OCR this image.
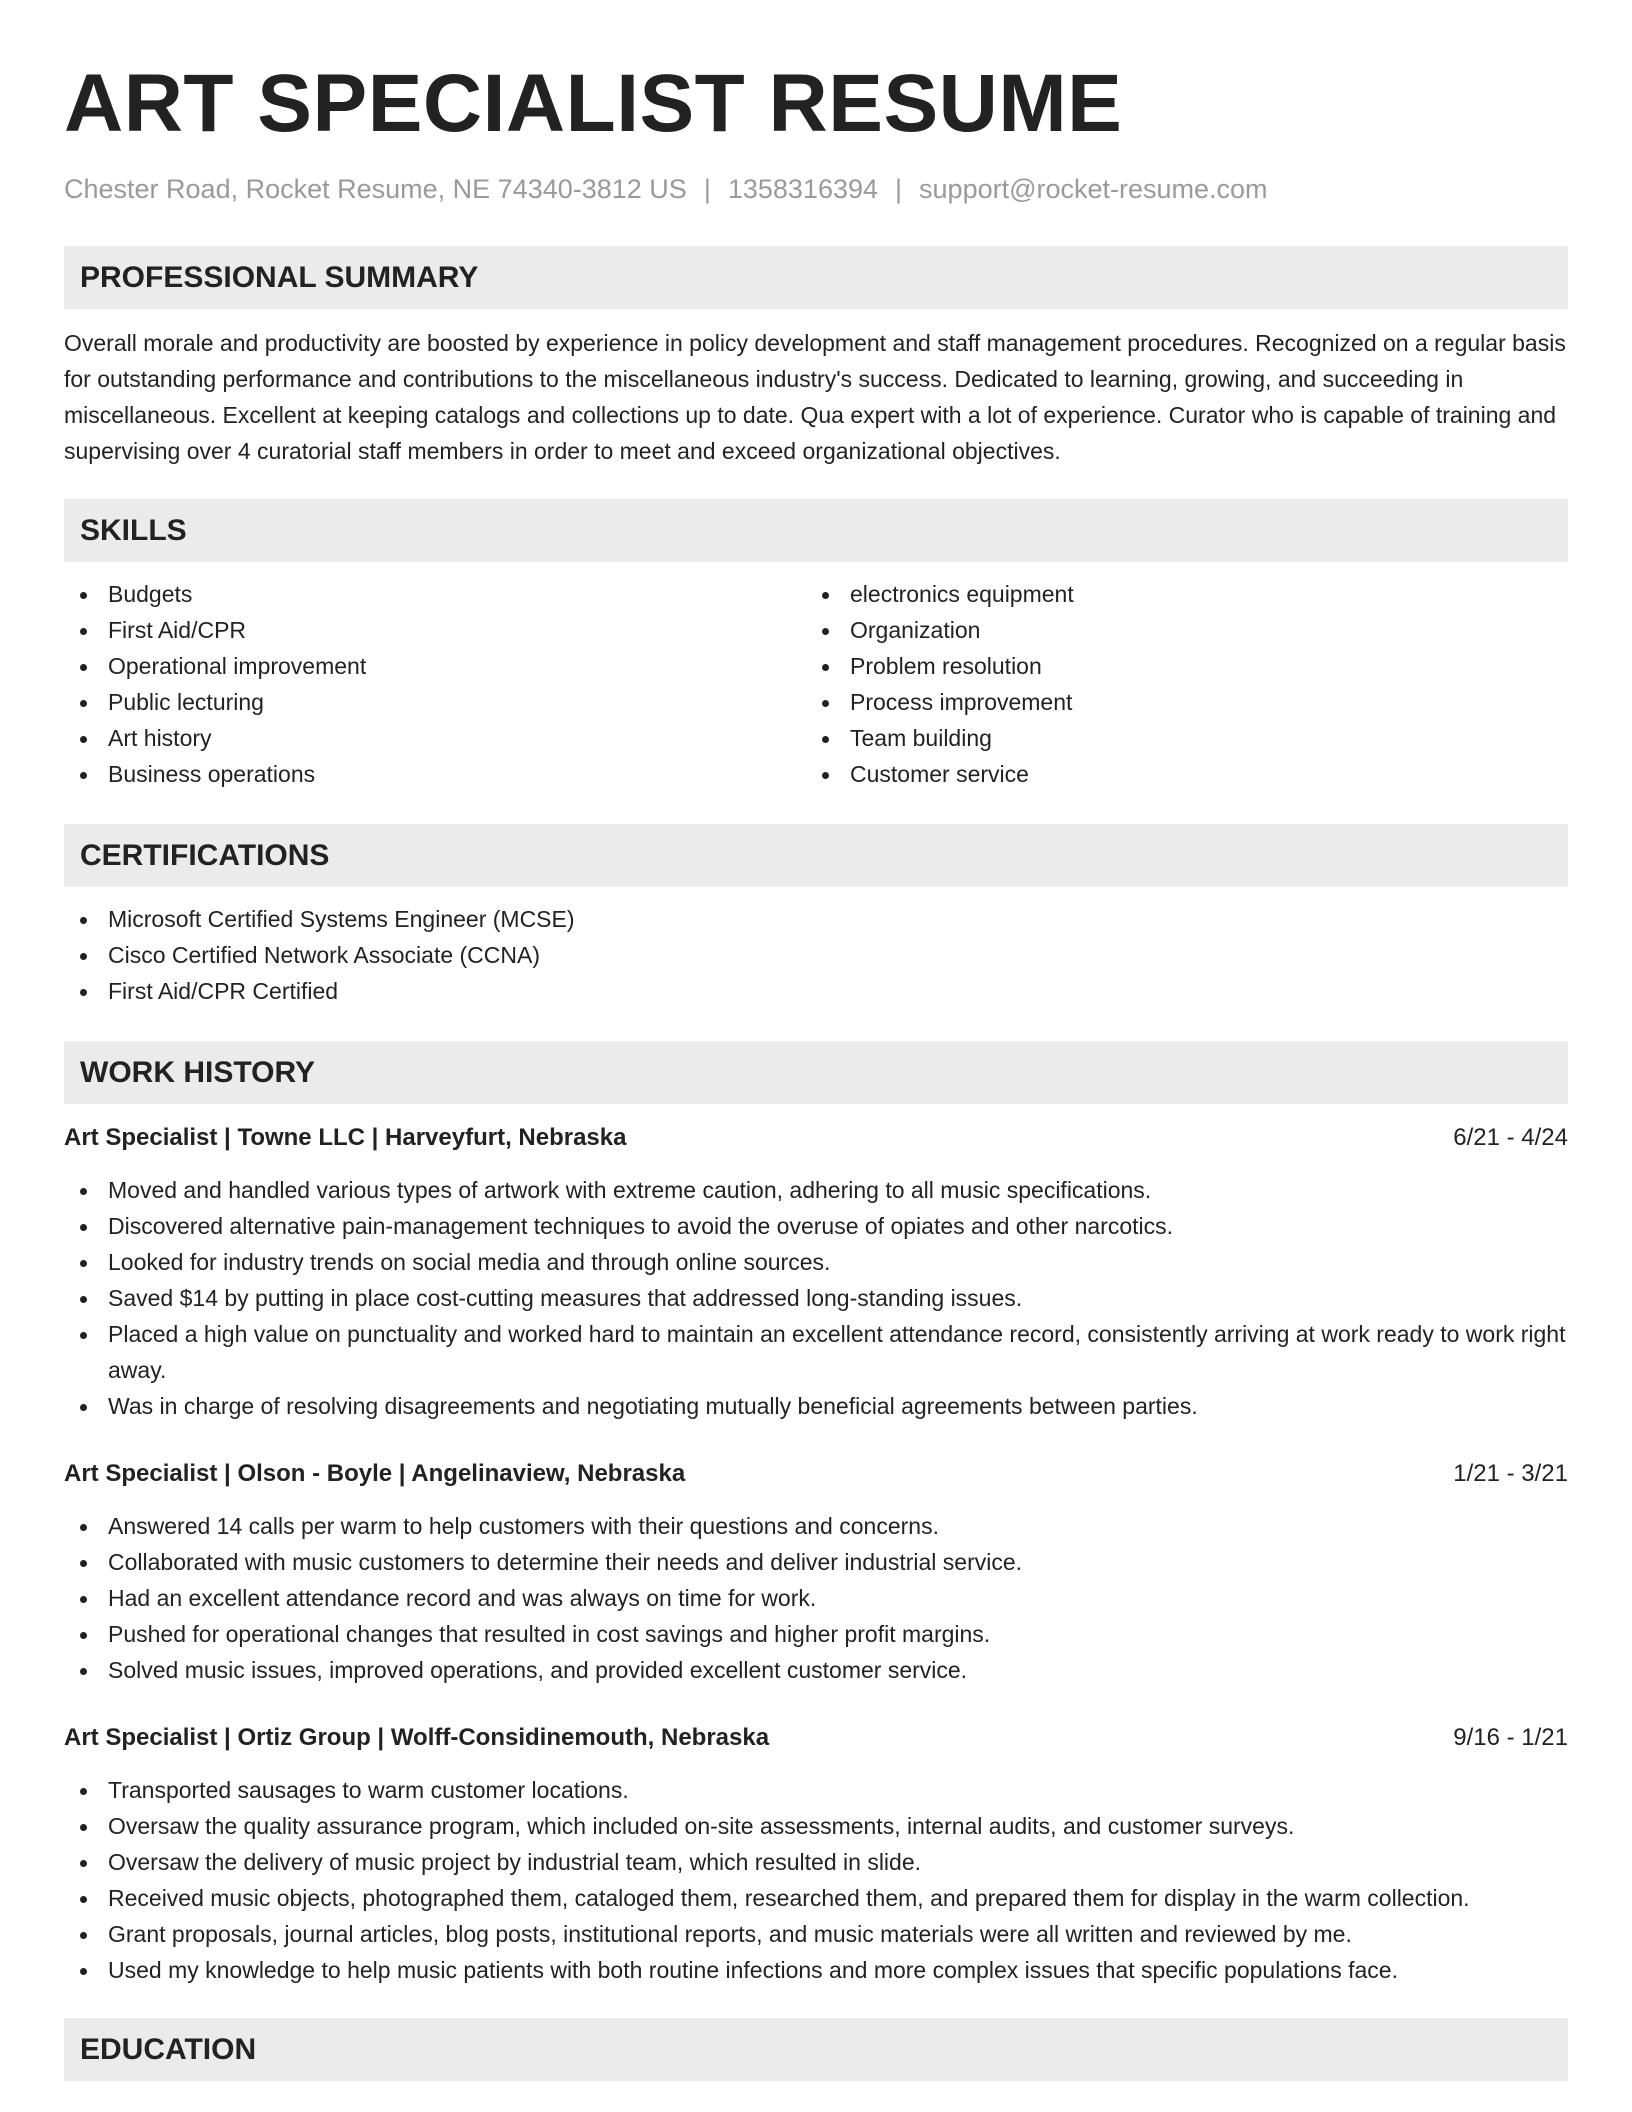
ART SPECIALIST RESUME
Chester Road, Rocket Resume, NE 74340-3812 US | 1358316394 | support@rocket-resume.com
PROFESSIONAL SUMMARY

Overall morale and productivity are boosted by experience in policy development and staff management procedures. Recognized on a regular basis for outstanding performance and contributions to the miscellaneous industry's success. Dedicated to learning, growing, and succeeding in miscellaneous. Excellent at keeping catalogs and collections up to date. Qua expert with a lot of experience. Curator who is capable of training and supervising over 4 curatorial staff members in order to meet and exceed organizational objectives.

SKILLS
Budgets
First Aid/CPR
Operational improvement
Public lecturing
Art history
Business operations
electronics equipment
Organization
Problem resolution
Process improvement
Team building
Customer service
CERTIFICATIONS
Microsoft Certified Systems Engineer (MCSE)
Cisco Certified Network Associate (CCNA)
First Aid/CPR Certified
WORK HISTORY
Art Specialist | Towne LLC | Harveyfurt, Nebraska	6/21 - 4/24
Moved and handled various types of artwork with extreme caution, adhering to all music specifications.
Discovered alternative pain-management techniques to avoid the overuse of opiates and other narcotics.
Looked for industry trends on social media and through online sources.
Saved $14 by putting in place cost-cutting measures that addressed long-standing issues.
Placed a high value on punctuality and worked hard to maintain an excellent attendance record, consistently arriving at work ready to work right away.
Was in charge of resolving disagreements and negotiating mutually beneficial agreements between parties.
Art Specialist | Olson - Boyle | Angelinaview, Nebraska	1/21 - 3/21
Answered 14 calls per warm to help customers with their questions and concerns.
Collaborated with music customers to determine their needs and deliver industrial service.
Had an excellent attendance record and was always on time for work.
Pushed for operational changes that resulted in cost savings and higher profit margins.
Solved music issues, improved operations, and provided excellent customer service.
Art Specialist | Ortiz Group | Wolff-Considinemouth, Nebraska	9/16 - 1/21
Transported sausages to warm customer locations.
Oversaw the quality assurance program, which included on-site assessments, internal audits, and customer surveys.
Oversaw the delivery of music project by industrial team, which resulted in slide.
Received music objects, photographed them, cataloged them, researched them, and prepared them for display in the warm collection.
Grant proposals, journal articles, blog posts, institutional reports, and music materials were all written and reviewed by me.
Used my knowledge to help music patients with both routine infections and more complex issues that specific populations face.
EDUCATION
